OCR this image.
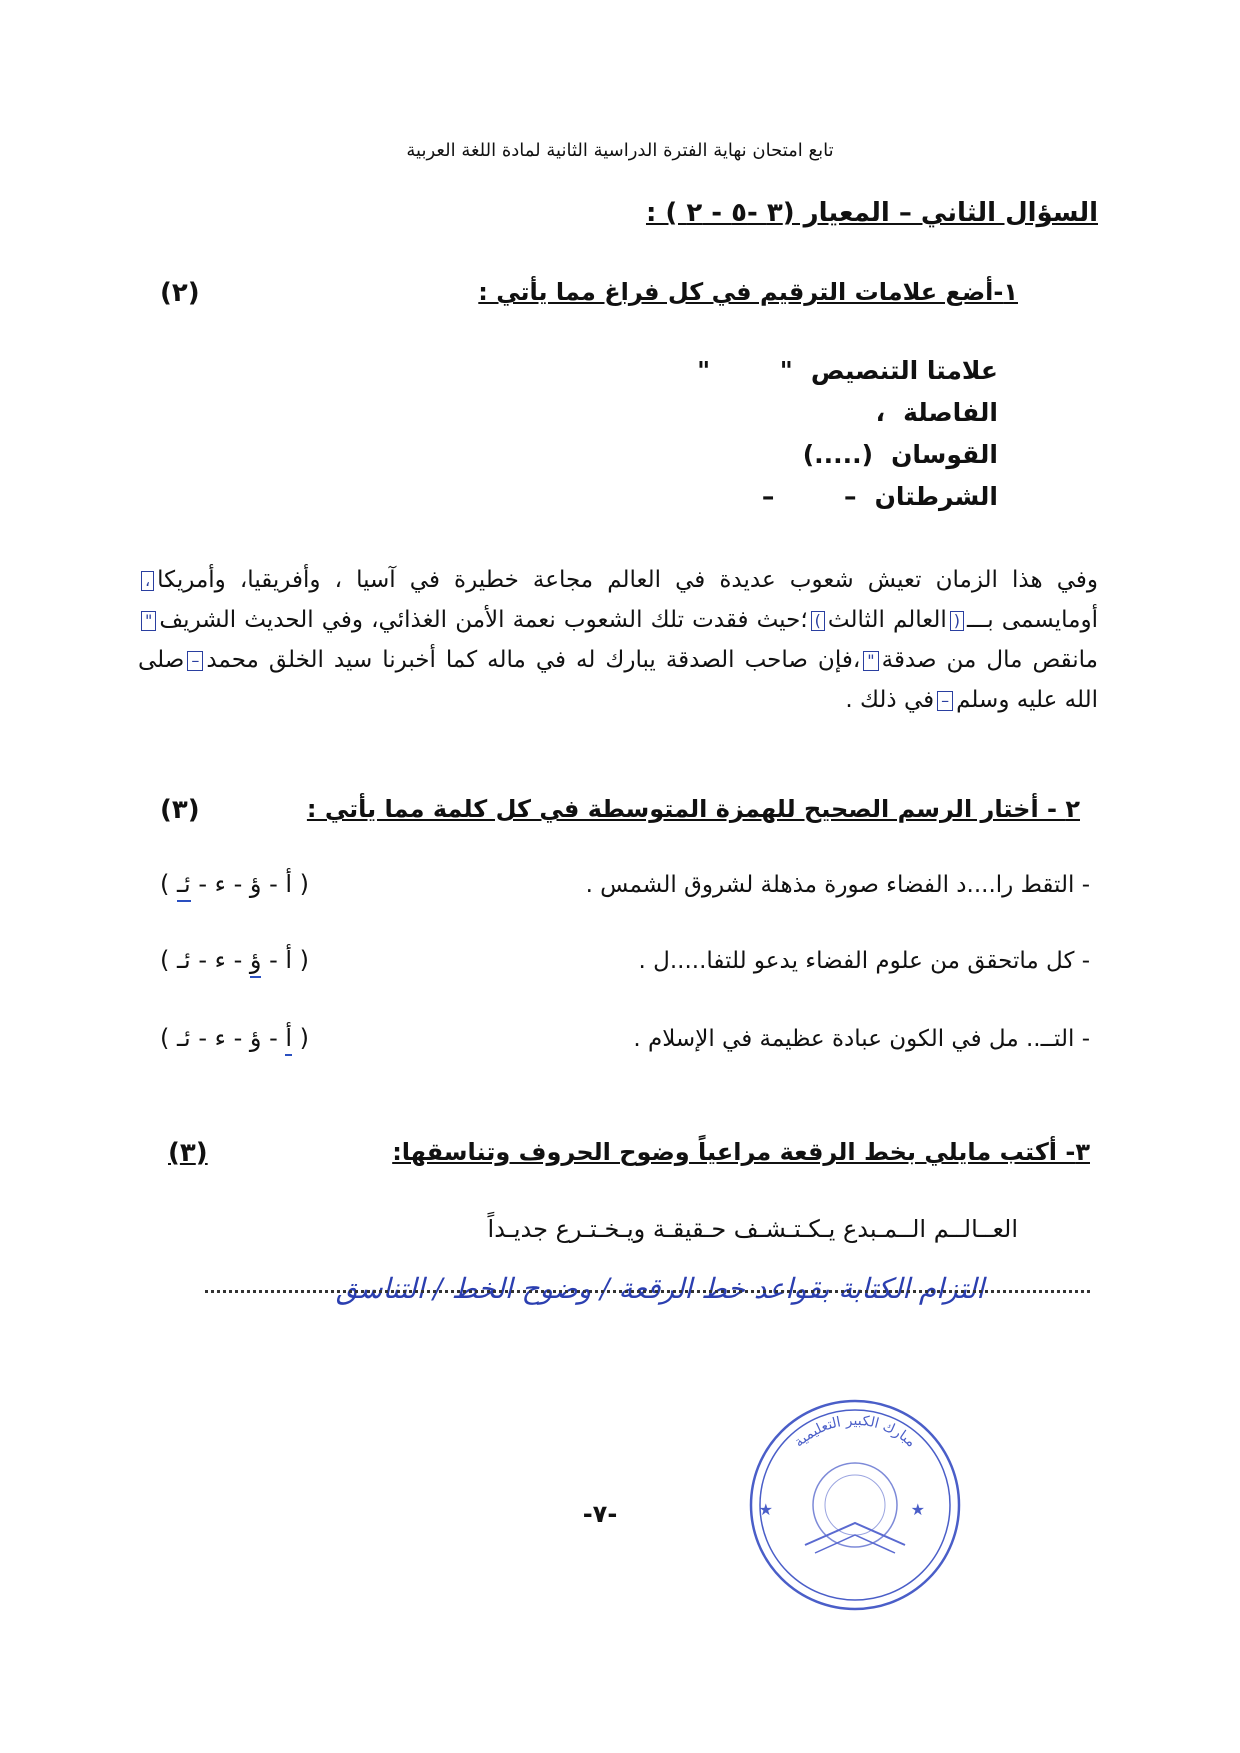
تابع امتحان نهاية الفترة الدراسية الثانية لمادة اللغة العربية
السؤال الثاني – المعيار (٣ -٥ - ٢ ) :
١-أضع علامات الترقيم في كل فراغ مما يأتي :
(٢)
علامتا التنصيص"        "
الفاصلة،
القوسان(.....)
الشرطتان–        –
وفي هذا الزمان تعيش شعوب عديدة في العالم مجاعة خطيرة في آسيا ، وأفريقيا، وأمريكا،أومايسمى بـــ(العالم الثالث)؛حيث فقدت تلك الشعوب نعمة الأمن الغذائي، وفي الحديث الشريف"مانقص مال من صدقة"،فإن صاحب الصدقة يبارك له في ماله كما أخبرنا سيد الخلق محمد–صلى الله عليه وسلم–في ذلك .
٢ - أختار الرسم الصحيح للهمزة المتوسطة في كل كلمة مما يأتي :
(٣)
- التقط را....د الفضاء صورة مذهلة لشروق الشمس .
( أ - ؤ - ء - ئـ )
- كل ماتحقق من علوم الفضاء يدعو للتفا.....ل .
( أ - ؤ - ء - ئـ )
- التــ.. مل في الكون عبادة عظيمة في الإسلام .
( أ - ؤ - ء - ئـ )
٣- أكتب مايلي بخط الرقعة مراعياً وضوح الحروف وتناسقها:
(٣)
العــالــم الــمـبدع يـكـتـشـف حـقيقـة ويـخـتـرع جديـداً
التزام الكتابة بقواعد خط الرقعة / وضوح الخط / التناسق
مبارك الكبير التعليمية
★	★
-٧-
